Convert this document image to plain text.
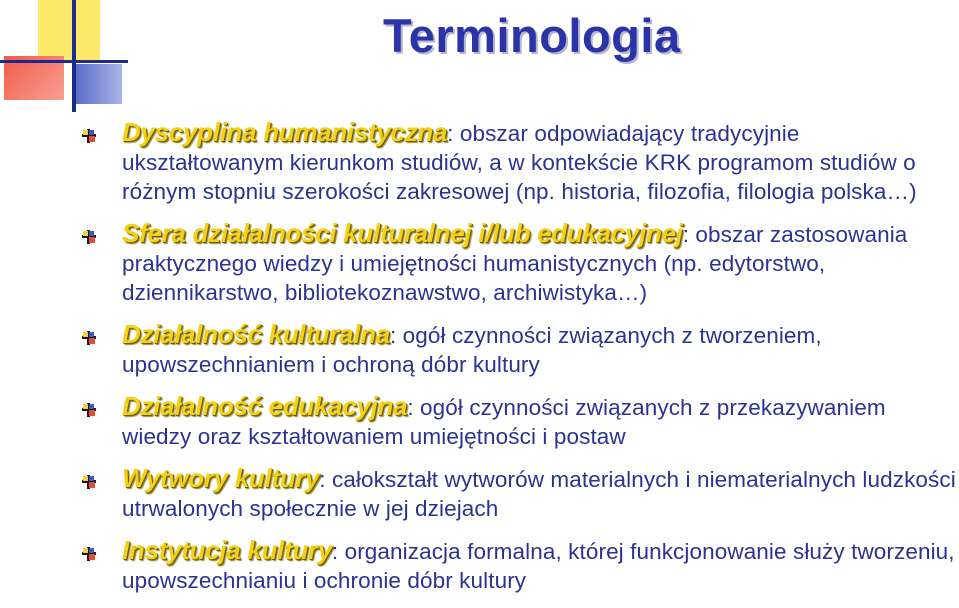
Terminologia
Dyscyplina humanistyczna: obszar odpowiadający tradycyjnie ukształtowanym kierunkom studiów, a w kontekście KRK programom studiów o różnym stopniu szerokości zakresowej (np. historia, filozofia, filologia polska…)
Sfera działalności kulturalnej i/lub edukacyjnej: obszar zastosowania praktycznego wiedzy i umiejętności humanistycznych (np. edytorstwo, dziennikarstwo, bibliotekoznawstwo, archiwistyka…)
Działalność kulturalna: ogół czynności związanych z tworzeniem, upowszechnianiem i ochroną dóbr kultury
Działalność edukacyjna: ogół czynności związanych z przekazywaniem wiedzy oraz kształtowaniem umiejętności i postaw
Wytwory kultury: całokształt wytworów materialnych i niematerialnych ludzkości utrwalonych społecznie w jej dziejach
Instytucja kultury: organizacja formalna, której funkcjonowanie służy tworzeniu, upowszechnianiu i ochronie dóbr kultury
